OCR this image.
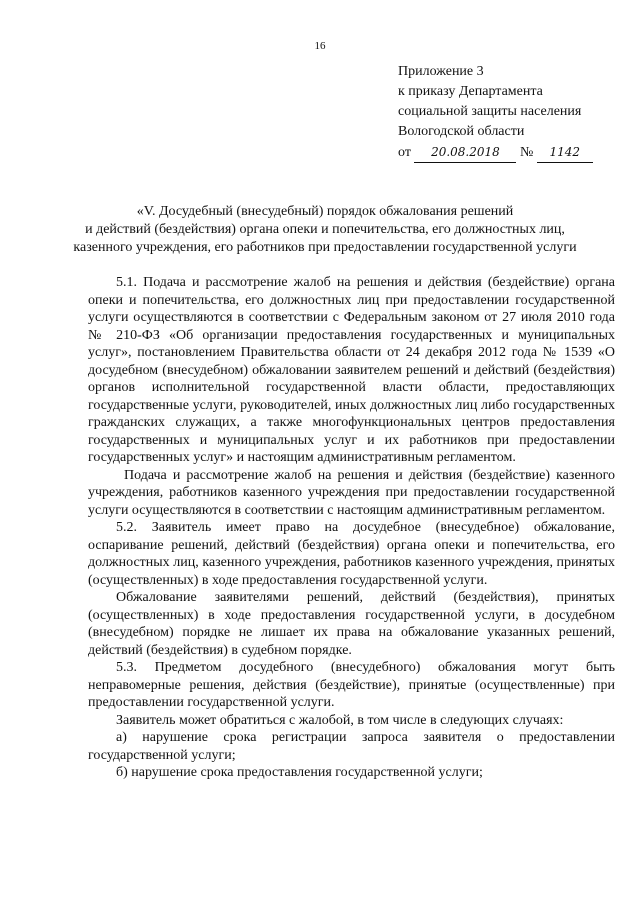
16
Приложение 3
к приказу Департамента
социальной защиты населения
Вологодской области
от
	20.08.2018
	№
	1142
«V. Досудебный (внесудебный) порядок обжалования решений
и действий (бездействия) органа опеки и попечительства, его должностных лиц,
казенного учреждения, его работников при предоставлении государственной услуги

5.1. Подача и рассмотрение жалоб на решения и действия (бездействие) органа опеки и попечительства, его должностных лиц при предоставлении государственной услуги осуществляются в соответствии с Федеральным законом от 27 июля 2010 года № 210-ФЗ «Об организации предоставления государственных и муниципальных услуг», постановлением Правительства области от 24 декабря 2012 года № 1539 «О досудебном (внесудебном) обжаловании заявителем решений и действий (бездействия) органов исполнительной государственной власти области, предоставляющих государственные услуги, руководителей, иных должностных лиц либо государственных гражданских служащих, а также многофункциональных центров предоставления государственных и муниципальных услуг и их работников при предоставлении государственных услуг» и настоящим административным регламентом.

Подача и рассмотрение жалоб на решения и действия (бездействие) казенного учреждения, работников казенного учреждения при предоставлении государственной услуги осуществляются в соответствии с настоящим административным регламентом.

5.2. Заявитель имеет право на досудебное (внесудебное) обжалование, оспаривание решений, действий (бездействия) органа опеки и попечительства, его должностных лиц, казенного учреждения, работников казенного учреждения, принятых (осуществленных) в ходе предоставления государственной услуги.

Обжалование заявителями решений, действий (бездействия), принятых (осуществленных) в ходе предоставления государственной услуги, в досудебном (внесудебном) порядке не лишает их права на обжалование указанных решений, действий (бездействия) в судебном порядке.

5.3. Предметом досудебного (внесудебного) обжалования могут быть неправомерные решения, действия (бездействие), принятые (осуществленные) при предоставлении государственной услуги.

Заявитель может обратиться с жалобой, в том числе в следующих случаях:

а) нарушение срока регистрации запроса заявителя о предоставлении государственной услуги;

б) нарушение срока предоставления государственной услуги;
